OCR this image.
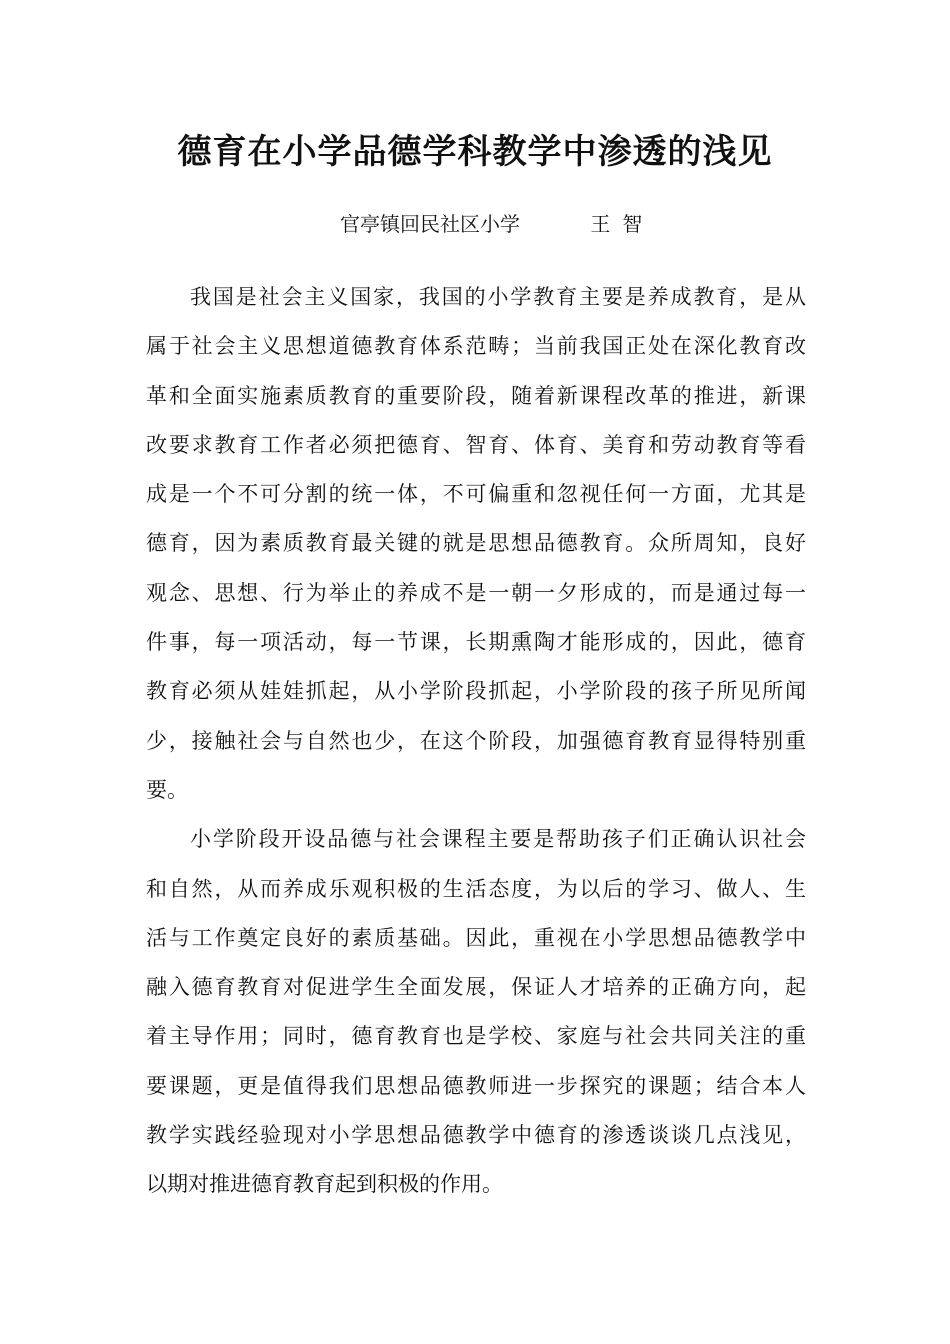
德育在小学品德学科教学中渗透的浅见
官亭镇回民社区小学	王智
我国是社会主义国家，我国的小学教育主要是养成教育，是从
属于社会主义思想道德教育体系范畴；当前我国正处在深化教育改
革和全面实施素质教育的重要阶段，随着新课程改革的推进，新课
改要求教育工作者必须把德育、智育、体育、美育和劳动教育等看
成是一个不可分割的统一体，不可偏重和忽视任何一方面，尤其是
德育，因为素质教育最关键的就是思想品德教育。众所周知，良好
观念、思想、行为举止的养成不是一朝一夕形成的，而是通过每一
件事，每一项活动，每一节课，长期熏陶才能形成的，因此，德育
教育必须从娃娃抓起，从小学阶段抓起，小学阶段的孩子所见所闻
少，接触社会与自然也少，在这个阶段，加强德育教育显得特别重
要。
小学阶段开设品德与社会课程主要是帮助孩子们正确认识社会
和自然，从而养成乐观积极的生活态度，为以后的学习、做人、生
活与工作奠定良好的素质基础。因此，重视在小学思想品德教学中
融入德育教育对促进学生全面发展，保证人才培养的正确方向，起
着主导作用；同时，德育教育也是学校、家庭与社会共同关注的重
要课题，更是值得我们思想品德教师进一步探究的课题；结合本人
教学实践经验现对小学思想品德教学中德育的渗透谈谈几点浅见，
以期对推进德育教育起到积极的作用。
